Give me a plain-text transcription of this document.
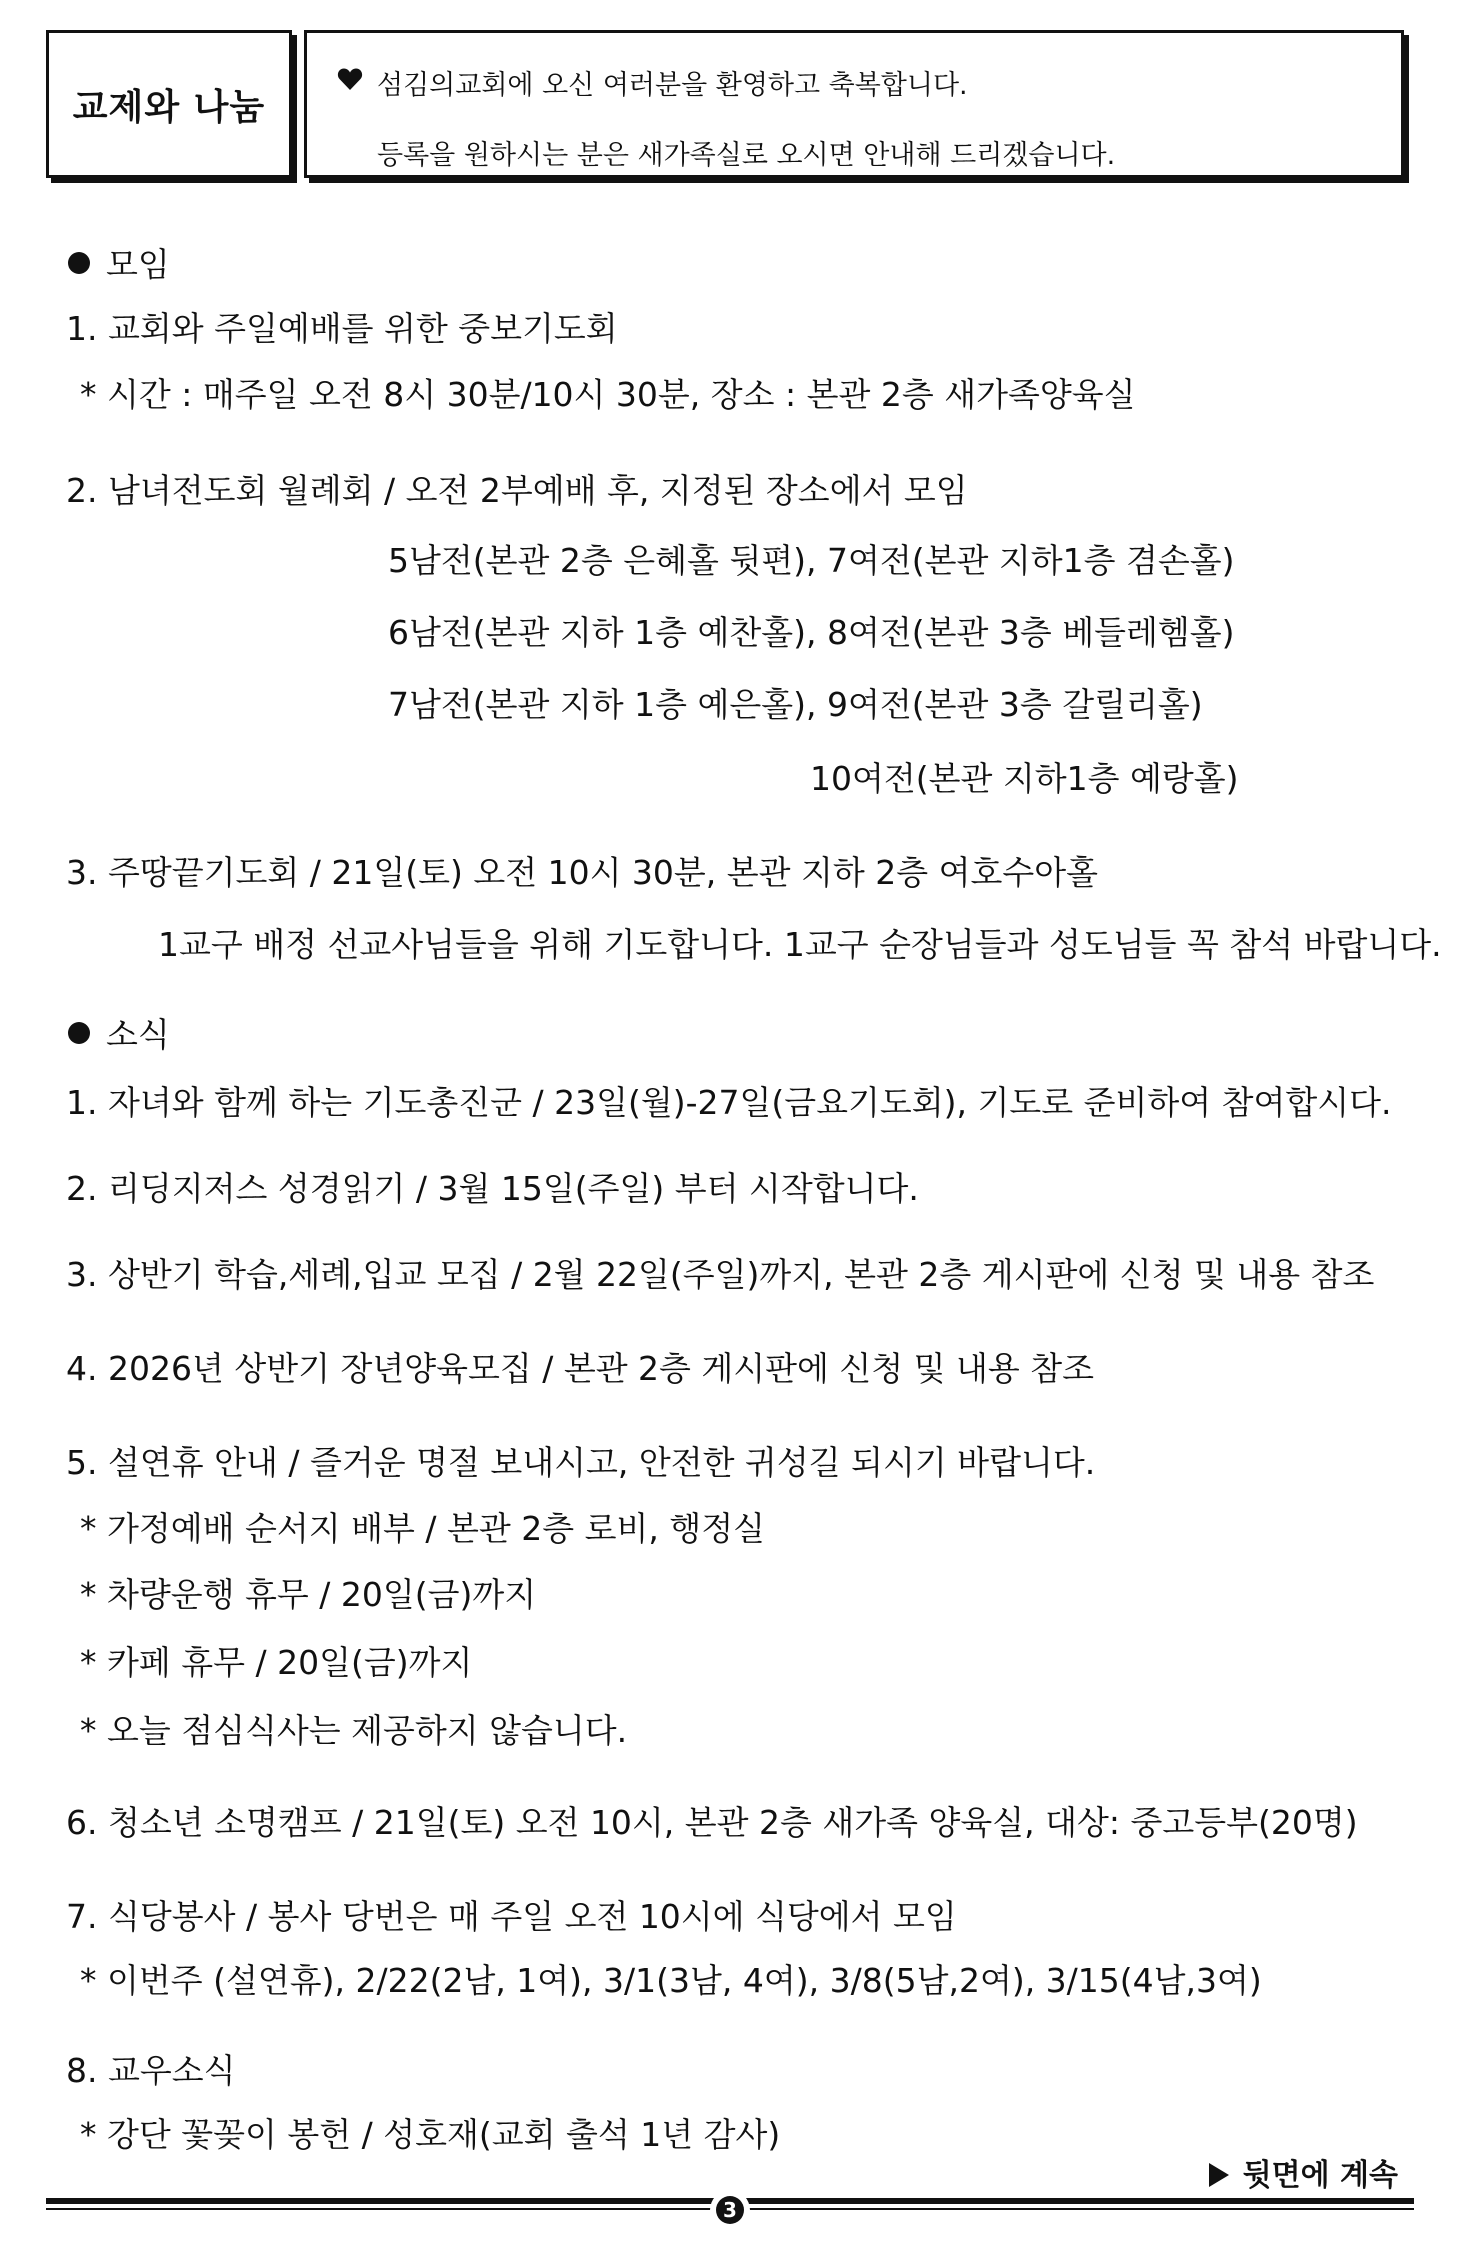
교제와 나눔
섬김의교회에 오신 여러분을 환영하고 축복합니다.
등록을 원하시는 분은 새가족실로 오시면 안내해 드리겠습니다.
모임
1. 교회와 주일예배를 위한 중보기도회
* 시간 : 매주일 오전 8시 30분/10시 30분, 장소 : 본관 2층 새가족양육실
2. 남녀전도회 월례회 / 오전 2부예배 후, 지정된 장소에서 모임
5남전(본관 2층 은혜홀 뒷편), 7여전(본관 지하1층 겸손홀)
6남전(본관 지하 1층 예찬홀), 8여전(본관 3층 베들레헴홀)
7남전(본관 지하 1층 예은홀), 9여전(본관 3층 갈릴리홀)
10여전(본관 지하1층 예랑홀)
3. 주땅끝기도회 / 21일(토) 오전 10시 30분, 본관 지하 2층 여호수아홀
1교구 배정 선교사님들을 위해 기도합니다. 1교구 순장님들과 성도님들 꼭 참석 바랍니다.
소식
1. 자녀와 함께 하는 기도총진군 / 23일(월)-27일(금요기도회), 기도로 준비하여 참여합시다.
2. 리딩지저스 성경읽기 / 3월 15일(주일) 부터 시작합니다.
3. 상반기 학습,세례,입교 모집 / 2월 22일(주일)까지, 본관 2층 게시판에 신청 및 내용 참조
4. 2026년 상반기 장년양육모집 / 본관 2층 게시판에 신청 및 내용 참조
5. 설연휴 안내 / 즐거운 명절 보내시고, 안전한 귀성길 되시기 바랍니다.
* 가정예배 순서지 배부 / 본관 2층 로비, 행정실
* 차량운행 휴무 / 20일(금)까지
* 카페 휴무 / 20일(금)까지
* 오늘 점심식사는 제공하지 않습니다.
6. 청소년 소명캠프 / 21일(토) 오전 10시, 본관 2층 새가족 양육실, 대상: 중고등부(20명)
7. 식당봉사 / 봉사 당번은 매 주일 오전 10시에 식당에서 모임
* 이번주 (설연휴), 2/22(2남, 1여), 3/1(3남, 4여), 3/8(5남,2여), 3/15(4남,3여)
8. 교우소식
* 강단 꽃꽂이 봉헌 / 성호재(교회 출석 1년 감사)
뒷면에 계속
3
